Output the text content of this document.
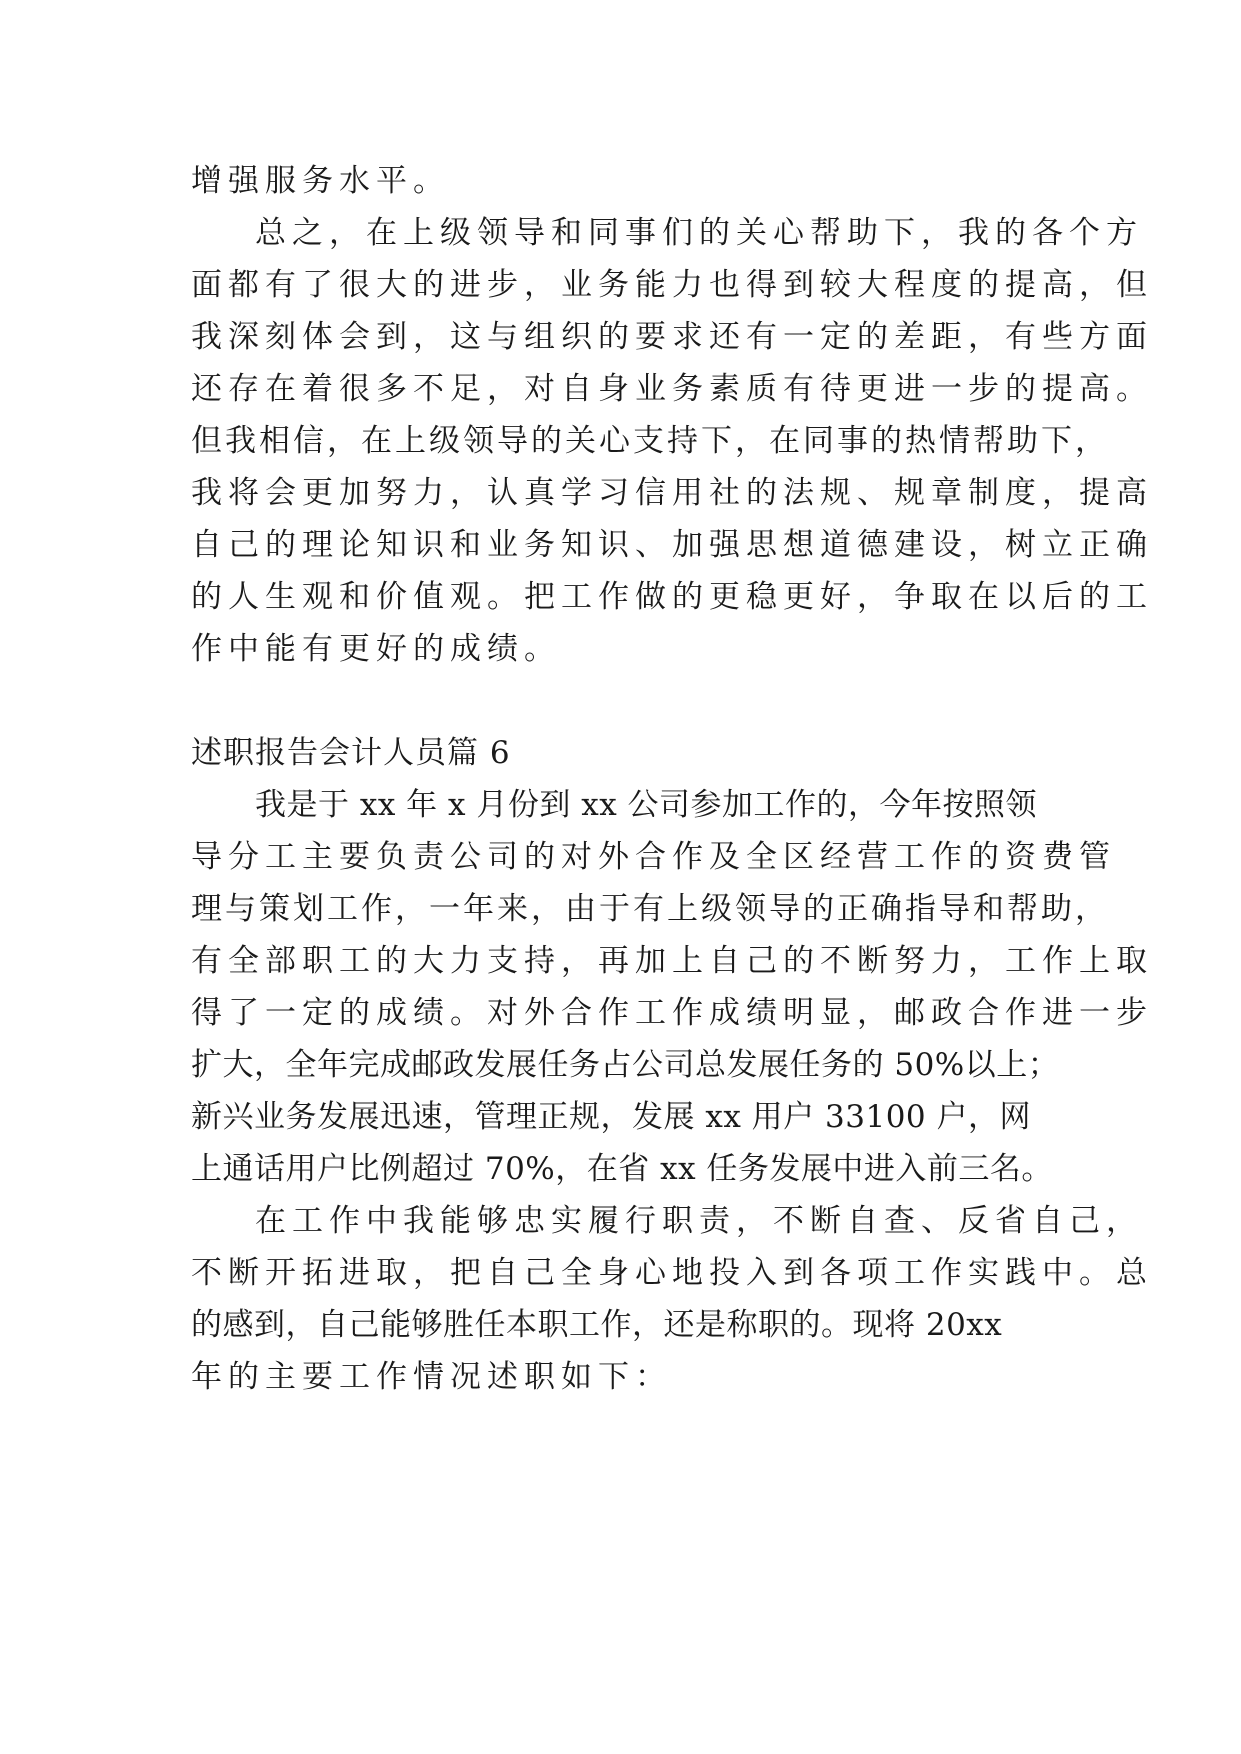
增强服务水平。
总之，在上级领导和同事们的关心帮助下，我的各个方
面都有了很大的进步，业务能力也得到较大程度的提高，但
我深刻体会到，这与组织的要求还有一定的差距，有些方面
还存在着很多不足，对自身业务素质有待更进一步的提高。
但我相信，在上级领导的关心支持下，在同事的热情帮助下，
我将会更加努力，认真学习信用社的法规、规章制度，提高
自己的理论知识和业务知识、加强思想道德建设，树立正确
的人生观和价值观。把工作做的更稳更好，争取在以后的工
作中能有更好的成绩。
述职报告会计人员篇 6
我是于 xx 年 x 月份到 xx 公司参加工作的，今年按照领
导分工主要负责公司的对外合作及全区经营工作的资费管
理与策划工作，一年来，由于有上级领导的正确指导和帮助，
有全部职工的大力支持，再加上自己的不断努力，工作上取
得了一定的成绩。对外合作工作成绩明显，邮政合作进一步
扩大，全年完成邮政发展任务占公司总发展任务的 50%以上；
新兴业务发展迅速，管理正规，发展 xx 用户 33100 户，网
上通话用户比例超过 70%，在省 xx 任务发展中进入前三名。
在工作中我能够忠实履行职责，不断自查、反省自己，
不断开拓进取，把自己全身心地投入到各项工作实践中。总
的感到，自己能够胜任本职工作，还是称职的。现将 20xx
年的主要工作情况述职如下：
